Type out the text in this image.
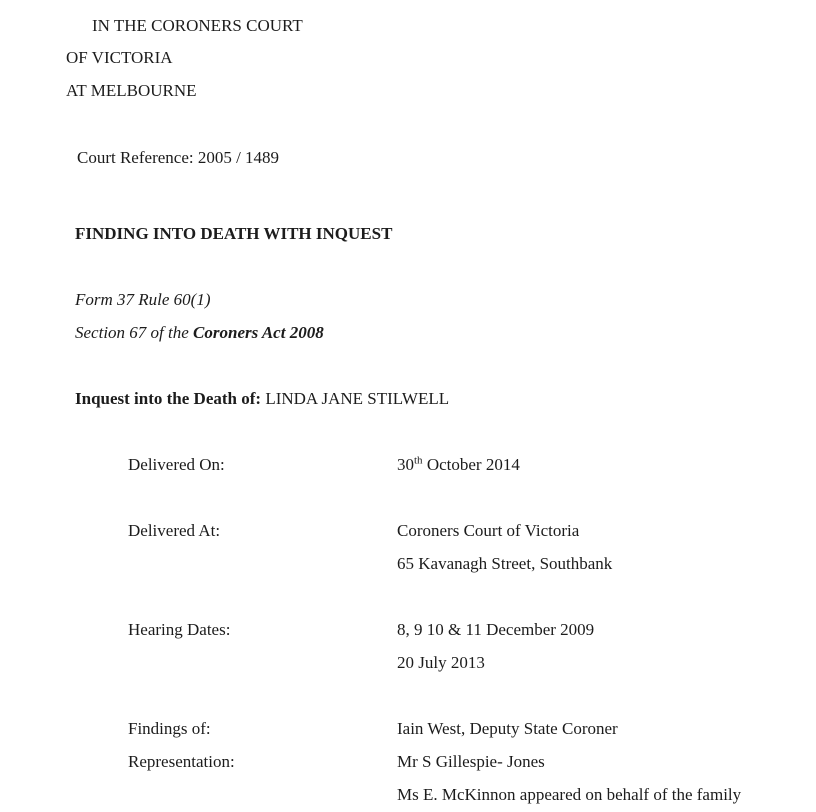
IN THE CORONERS COURT
OF VICTORIA
AT MELBOURNE
Court Reference: 2005 / 1489
FINDING INTO DEATH WITH INQUEST
Form 37 Rule 60(1)
Section 67 of the Coroners Act 2008
Inquest into the Death of: LINDA JANE STILWELL
Delivered On:	30th October 2014
Delivered At:	Coroners Court of Victoria
65 Kavanagh Street, Southbank
Hearing Dates:	8, 9 10 & 11 December 2009
20 July 2013
Findings of:	Iain West, Deputy State Coroner
Representation:	Mr S Gillespie- Jones
Ms E. McKinnon appeared on behalf of the family
